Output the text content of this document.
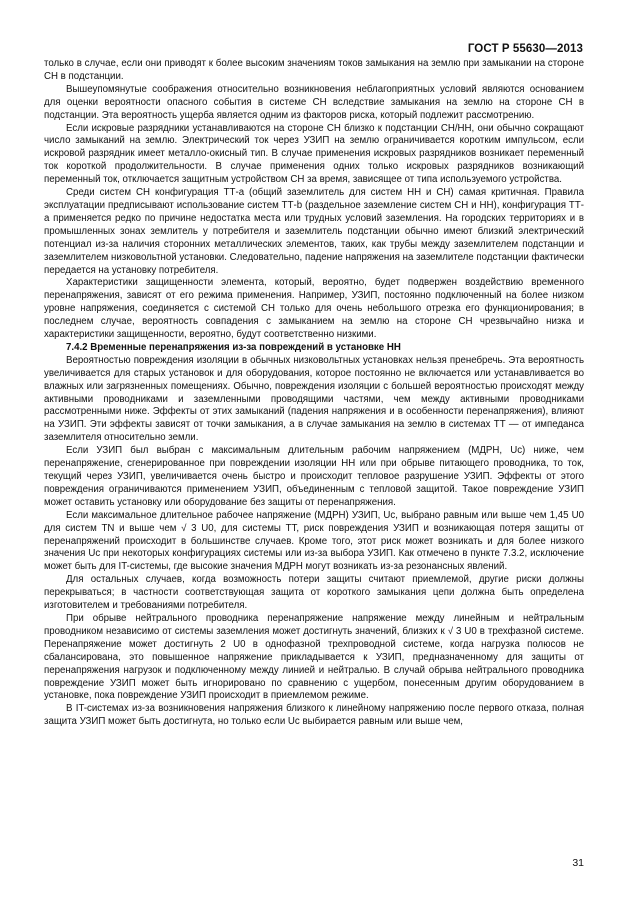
ГОСТ Р 55630—2013

только в случае, если они приводят к более высоким значениям токов замыкания на землю при замыкании на стороне СН в подстанции.

Вышеупомянутые соображения относительно возникновения неблагоприятных условий являются основанием для оценки вероятности опасного события в системе СН вследствие замыкания на землю на стороне СН в подстанции. Эта вероятность ущерба является одним из факторов риска, который подлежит рассмотрению.

Если искровые разрядники устанавливаются на стороне СН близко к подстанции СН/НН, они обычно сокращают число замыканий на землю. Электрический ток через УЗИП на землю ограничивается коротким импульсом, если искровой разрядник имеет металло-окисный тип. В случае применения искровых разрядников возникает переменный ток короткой продолжительности. В случае применения одних только искровых разрядников возникающий переменный ток, отключается защитным устройством СН за время, зависящее от типа используемого устройства.

Среди систем СН конфигурация ТТ-а (общий заземлитель для систем НН и СН) самая критичная. Правила эксплуатации предписывают использование систем ТТ-b (раздельное заземление систем СН и НН), конфигурация ТТ-а применяется редко по причине недостатка места или трудных условий заземления. На городских территориях и в промышленных зонах землитель у потребителя и заземлитель подстанции обычно имеют близкий электрический потенциал из-за наличия сторонних металлических элементов, таких, как трубы между заземлителем подстанции и заземлителем низковольтной установки. Следовательно, падение напряжения на заземлителе подстанции фактически передается на установку потребителя.

Характеристики защищенности элемента, который, вероятно, будет подвержен воздействию временного перенапряжения, зависят от его режима применения. Например, УЗИП, постоянно подключенный на более низком уровне напряжения, соединяется с системой СН только для очень небольшого отрезка его функционирования; в последнем случае, вероятность совпадения с замыканием на землю на стороне СН чрезвычайно низка и характеристики защищенности, вероятно, будут соответственно низкими.

7.4.2 Временные перенапряжения из-за повреждений в установке НН

Вероятностью повреждения изоляции в обычных низковольтных установках нельзя пренебречь. Эта вероятность увеличивается для старых установок и для оборудования, которое постоянно не включается или устанавливается во влажных или загрязненных помещениях. Обычно, повреждения изоляции с большей вероятностью происходят между активными проводниками и заземленными проводящими частями, чем между активными проводниками рассмотренными ниже. Эффекты от этих замыканий (падения напряжения и в особенности перенапряжения), влияют на УЗИП. Эти эффекты зависят от точки замыкания, а в случае замыкания на землю в системах ТТ — от импеданса заземлителя относительно земли.

Если УЗИП был выбран с максимальным длительным рабочим напряжением (МДРН, Uc) ниже, чем перенапряжение, сгенерированное при повреждении изоляции НН или при обрыве питающего проводника, то ток, текущий через УЗИП, увеличивается очень быстро и происходит тепловое разрушение УЗИП. Эффекты от этого повреждения ограничиваются применением УЗИП, объединенным с тепловой защитой. Такое повреждение УЗИП может оставить установку или оборудование без защиты от перенапряжения.

Если максимальное длительное рабочее напряжение (МДРН) УЗИП, Uc, выбрано равным или выше чем 1,45 U0 для систем TN и выше чем √ 3 U0, для системы ТТ, риск повреждения УЗИП и возникающая потеря защиты от перенапряжений происходит в большинстве случаев. Кроме того, этот риск может возникать и для более низкого значения Uc при некоторых конфигурациях системы или из-за выбора УЗИП. Как отмечено в пункте 7.3.2, исключение может быть для IT-системы, где высокие значения МДРН могут возникать из-за резонансных явлений.

Для остальных случаев, когда возможность потери защиты считают приемлемой, другие риски должны перекрываться; в частности соответствующая защита от короткого замыкания цепи должна быть определена изготовителем и требованиями потребителя.

При обрыве нейтрального проводника перенапряжение напряжение между линейным и нейтральным проводником независимо от системы заземления может достигнуть значений, близких к √ 3 U0 в трехфазной системе. Перенапряжение может достигнуть 2 U0 в однофазной трехпроводной системе, когда нагрузка полюсов не сбалансирована, это повышенное напряжение прикладывается к УЗИП, предназначенному для защиты от перенапряжения нагрузок и подключенному между линией и нейтралью. В случай обрыва нейтрального проводника повреждение УЗИП может быть игнорировано по сравнению с ущербом, понесенным другим оборудованием в установке, пока повреждение УЗИП происходит в приемлемом режиме.

В IT-системах из-за возникновения напряжения близкого к линейному напряжению после первого отказа, полная защита УЗИП может быть достигнута, но только если Uc выбирается равным или выше чем,

31
